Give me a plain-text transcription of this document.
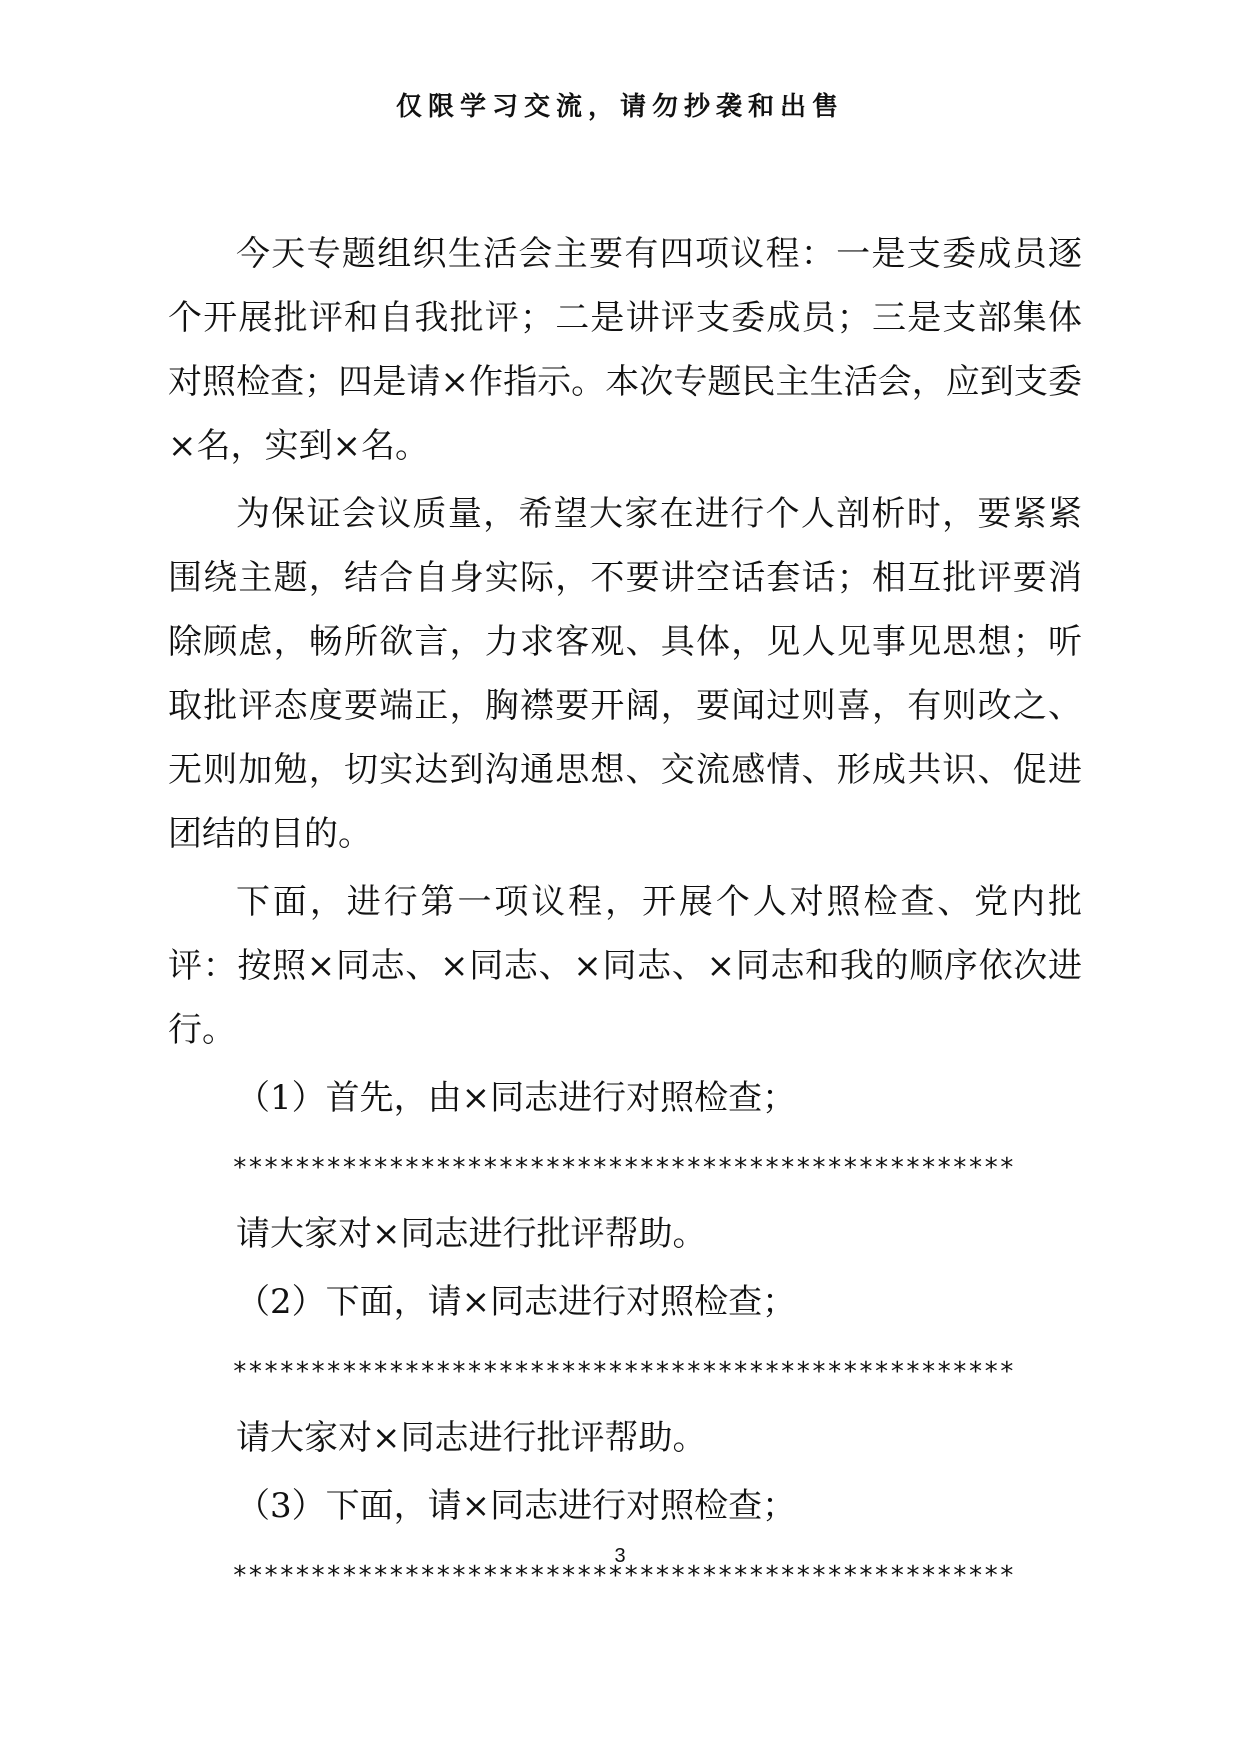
仅限学习交流，请勿抄袭和出售

今天专题组织生活会主要有四项议程：一是支委成员逐个开展批评和自我批评；二是讲评支委成员；三是支部集体对照检查；四是请×作指示。本次专题民主生活会，应到支委×名，实到×名。

为保证会议质量，希望大家在进行个人剖析时，要紧紧围绕主题，结合自身实际，不要讲空话套话；相互批评要消除顾虑，畅所欲言，力求客观、具体，见人见事见思想；听取批评态度要端正，胸襟要开阔，要闻过则喜，有则改之、无则加勉，切实达到沟通思想、交流感情、形成共识、促进团结的目的。

下面，进行第一项议程，开展个人对照检查、党内批评：按照×同志、×同志、×同志、×同志和我的顺序依次进行。

（1）首先，由×同志进行对照检查；

**************************************************

请大家对×同志进行批评帮助。

（2）下面，请×同志进行对照检查；

**************************************************

请大家对×同志进行批评帮助。

（3）下面，请×同志进行对照检查；

**************************************************

3
